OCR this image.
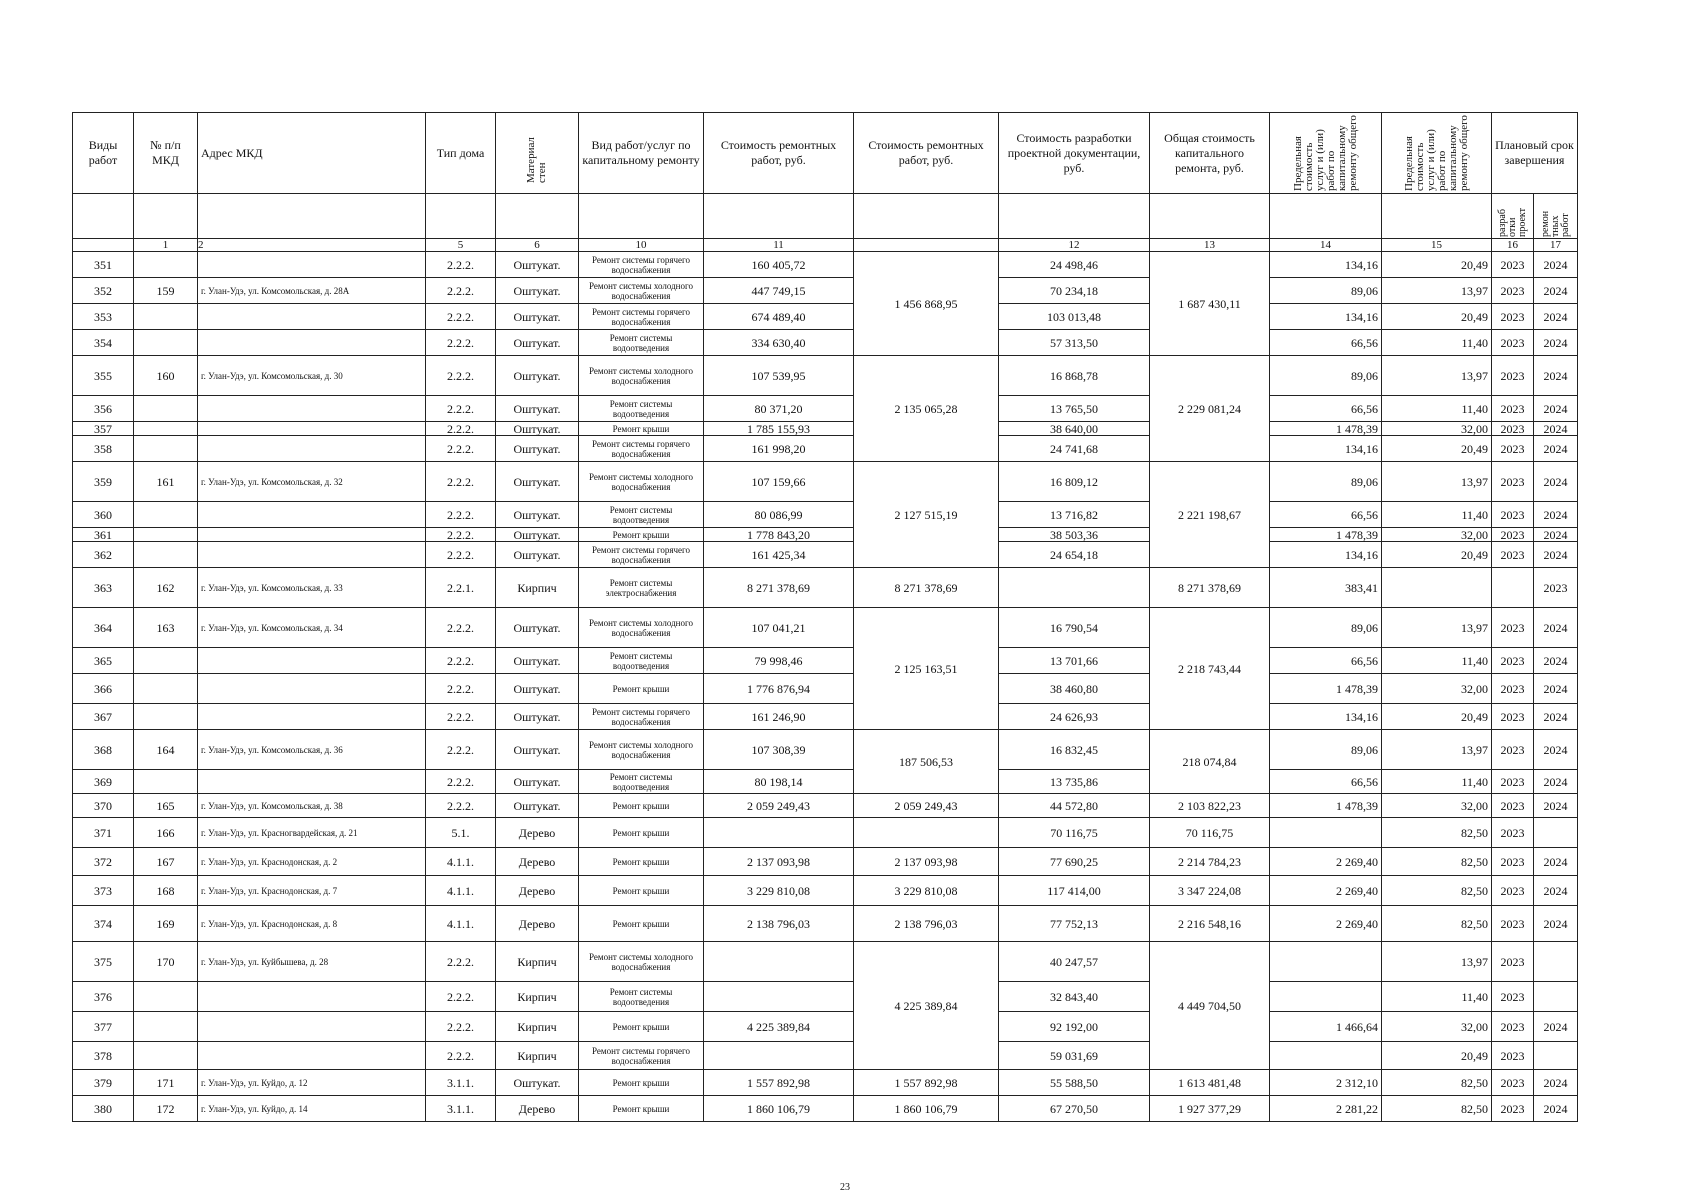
Виды работ	№ п/п МКД	Адрес МКД	Тип дома	Материал стен	Вид работ/услуг по капитальному ремонту	Стоимость ремонтных работ, руб.	Стоимость ремонтных работ, руб.	Стоимость разработки проектной документации, руб.	Общая стоимость капитального ремонта, руб.	Предельная стоимость услуг и (или) работ по капитальному ремонту общего	Предельная стоимость услуг и (или) работ по капитальному ремонту общего	Плановый срок завершения	

												разраб отки проект	ремон тных работ

	1	2	5	6	10	11		12	13	14	15	16	17
351			2.2.2.	Оштукат.	Ремонт системы горячего водоснабжения	160 405,72	1 456 868,95	24 498,46	1 687 430,11	134,16	20,49	2023	2024
352	159	г. Улан-Удэ, ул. Комсомольская, д. 28А	2.2.2.	Оштукат.	Ремонт системы холодного водоснабжения	447 749,15		70 234,18		89,06	13,97	2023	2024
353			2.2.2.	Оштукат.	Ремонт системы горячего водоснабжения	674 489,40		103 013,48		134,16	20,49	2023	2024
354			2.2.2.	Оштукат.	Ремонт системы водоотведения	334 630,40		57 313,50		66,56	11,40	2023	2024
355	160	г. Улан-Удэ, ул. Комсомольская, д. 30	2.2.2.	Оштукат.	Ремонт системы холодного водоснабжения	107 539,95	2 135 065,28	16 868,78	2 229 081,24	89,06	13,97	2023	2024
356			2.2.2.	Оштукат.	Ремонт системы водоотведения	80 371,20		13 765,50		66,56	11,40	2023	2024
357			2.2.2.	Оштукат.	Ремонт крыши	1 785 155,93		38 640,00		1 478,39	32,00	2023	2024
358			2.2.2.	Оштукат.	Ремонт системы горячего водоснабжения	161 998,20		24 741,68		134,16	20,49	2023	2024
359	161	г. Улан-Удэ, ул. Комсомольская, д. 32	2.2.2.	Оштукат.	Ремонт системы холодного водоснабжения	107 159,66	2 127 515,19	16 809,12	2 221 198,67	89,06	13,97	2023	2024
360			2.2.2.	Оштукат.	Ремонт системы водоотведения	80 086,99		13 716,82		66,56	11,40	2023	2024
361			2.2.2.	Оштукат.	Ремонт крыши	1 778 843,20		38 503,36		1 478,39	32,00	2023	2024
362			2.2.2.	Оштукат.	Ремонт системы горячего водоснабжения	161 425,34		24 654,18		134,16	20,49	2023	2024
363	162	г. Улан-Удэ, ул. Комсомольская, д. 33	2.2.1.	Кирпич	Ремонт системы электроснабжения	8 271 378,69	8 271 378,69		8 271 378,69	383,41			2023
364	163	г. Улан-Удэ, ул. Комсомольская, д. 34	2.2.2.	Оштукат.	Ремонт системы холодного водоснабжения	107 041,21	2 125 163,51	16 790,54	2 218 743,44	89,06	13,97	2023	2024
365			2.2.2.	Оштукат.	Ремонт системы водоотведения	79 998,46		13 701,66		66,56	11,40	2023	2024
366			2.2.2.	Оштукат.	Ремонт крыши	1 776 876,94		38 460,80		1 478,39	32,00	2023	2024
367			2.2.2.	Оштукат.	Ремонт системы горячего водоснабжения	161 246,90		24 626,93		134,16	20,49	2023	2024
368	164	г. Улан-Удэ, ул. Комсомольская, д. 36	2.2.2.	Оштукат.	Ремонт системы холодного водоснабжения	107 308,39	187 506,53	16 832,45	218 074,84	89,06	13,97	2023	2024
369			2.2.2.	Оштукат.	Ремонт системы водоотведения	80 198,14		13 735,86		66,56	11,40	2023	2024
370	165	г. Улан-Удэ, ул. Комсомольская, д. 38	2.2.2.	Оштукат.	Ремонт крыши	2 059 249,43	2 059 249,43	44 572,80	2 103 822,23	1 478,39	32,00	2023	2024
371	166	г. Улан-Удэ, ул. Красногвардейская, д. 21	5.1.	Дерево	Ремонт крыши			70 116,75	70 116,75		82,50	2023	
372	167	г. Улан-Удэ, ул. Краснодонская, д. 2	4.1.1.	Дерево	Ремонт крыши	2 137 093,98	2 137 093,98	77 690,25	2 214 784,23	2 269,40	82,50	2023	2024
373	168	г. Улан-Удэ, ул. Краснодонская, д. 7	4.1.1.	Дерево	Ремонт крыши	3 229 810,08	3 229 810,08	117 414,00	3 347 224,08	2 269,40	82,50	2023	2024
374	169	г. Улан-Удэ, ул. Краснодонская, д. 8	4.1.1.	Дерево	Ремонт крыши	2 138 796,03	2 138 796,03	77 752,13	2 216 548,16	2 269,40	82,50	2023	2024
375	170	г. Улан-Удэ, ул. Куйбышева, д. 28	2.2.2.	Кирпич	Ремонт системы холодного водоснабжения		4 225 389,84	40 247,57	4 449 704,50		13,97	2023	
376			2.2.2.	Кирпич	Ремонт системы водоотведения			32 843,40			11,40	2023	
377			2.2.2.	Кирпич	Ремонт крыши	4 225 389,84		92 192,00		1 466,64	32,00	2023	2024
378			2.2.2.	Кирпич	Ремонт системы горячего водоснабжения			59 031,69			20,49	2023	
379	171	г. Улан-Удэ, ул. Куйдо, д. 12	3.1.1.	Оштукат.	Ремонт крыши	1 557 892,98	1 557 892,98	55 588,50	1 613 481,48	2 312,10	82,50	2023	2024
380	172	г. Улан-Удэ, ул. Куйдо, д. 14	3.1.1.	Дерево	Ремонт крыши	1 860 106,79	1 860 106,79	67 270,50	1 927 377,29	2 281,22	82,50	2023	2024
23
